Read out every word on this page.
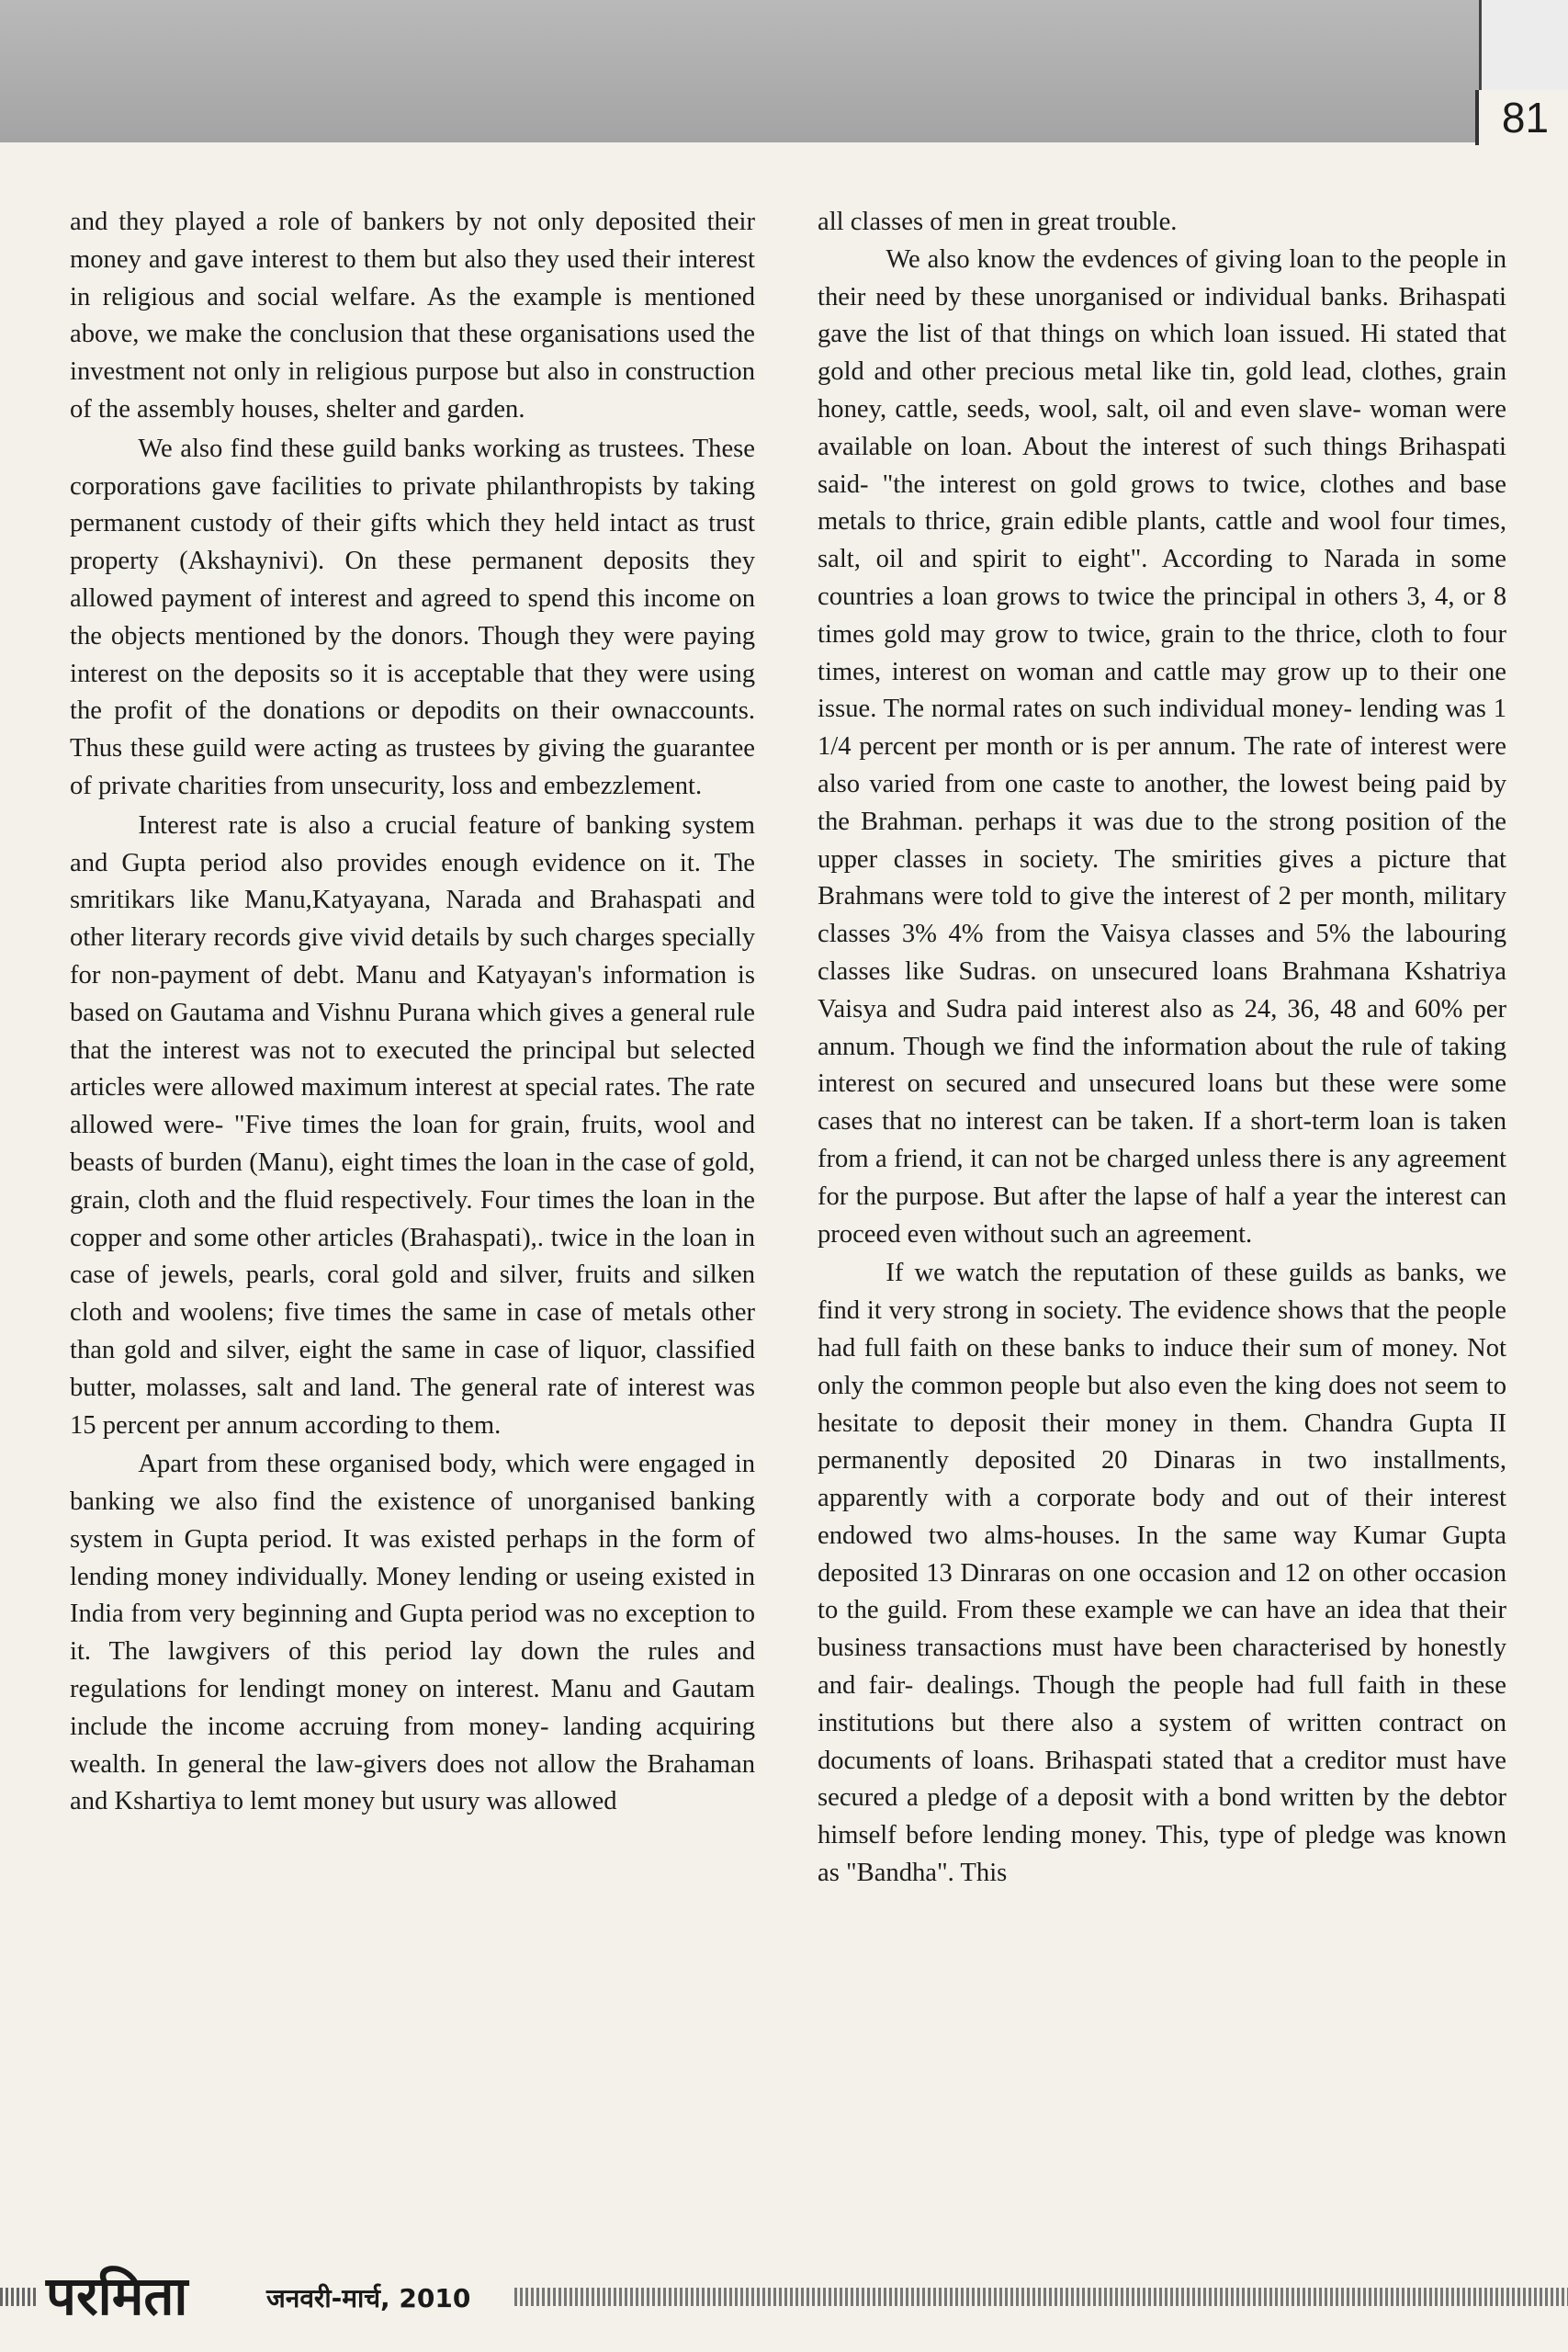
81

and they played a role of bankers by not only deposited their money and gave interest to them but also they used their interest in religious and social welfare. As the example is mentioned above, we make the conclusion that these organisations used the investment not only in religious purpose but also in construction of the assembly houses, shelter and garden.

We also find these guild banks working as trustees. These corporations gave facilities to private philanthropists by taking permanent custody of their gifts which they held intact as trust property (Akshaynivi). On these permanent deposits they allowed payment of interest and agreed to spend this income on the objects mentioned by the donors. Though they were paying interest on the deposits so it is acceptable that they were using the profit of the donations or depodits on their ownaccounts. Thus these guild were acting as trustees by giving the guarantee of private charities from unsecurity, loss and embezzlement.

Interest rate is also a crucial feature of banking system and Gupta period also provides enough evidence on it. The smritikars like Manu,Katyayana, Narada and Brahaspati and other literary records give vivid details by such charges specially for non-payment of debt. Manu and Katyayan's information is based on Gautama and Vishnu Purana which gives a general rule that the interest was not to executed the principal but selected articles were allowed maximum interest at special rates. The rate allowed were- "Five times the loan for grain, fruits, wool and beasts of burden (Manu), eight times the loan in the case of gold, grain, cloth and the fluid respectively. Four times the loan in the copper and some other articles (Brahaspati),. twice in the loan in case of jewels, pearls, coral gold and silver, fruits and silken cloth and woolens; five times the same in case of metals other than gold and silver, eight the same in case of liquor, classified butter, molasses, salt and land. The general rate of interest was 15 percent per annum according to them.

Apart from these organised body, which were engaged in banking we also find the existence of unorganised banking system in Gupta period. It was existed perhaps in the form of lending money individually. Money lending or useing existed in India from very beginning and Gupta period was no exception to it. The lawgivers of this period lay down the rules and regulations for lendingt money on interest. Manu and Gautam include the income accruing from money- landing acquiring wealth. In general the law-givers does not allow the Brahaman and Kshartiya to lemt money but usury was allowed

all classes of men in great trouble.

We also know the evdences of giving loan to the people in their need by these unorganised or individual banks. Brihaspati gave the list of that things on which loan issued. Hi stated that gold and other precious metal like tin, gold lead, clothes, grain honey, cattle, seeds, wool, salt, oil and even slave- woman were available on loan. About the interest of such things Brihaspati said- "the interest on gold grows to twice, clothes and base metals to thrice, grain edible plants, cattle and wool four times, salt, oil and spirit to eight". According to Narada in some countries a loan grows to twice the principal in others 3, 4, or 8 times gold may grow to twice, grain to the thrice, cloth to four times, interest on woman and cattle may grow up to their one issue. The normal rates on such individual money- lending was 1 1/4 percent per month or is per annum. The rate of interest were also varied from one caste to another, the lowest being paid by the Brahman. perhaps it was due to the strong position of the upper classes in society. The smirities gives a picture that Brahmans were told to give the interest of 2 per month, military classes 3% 4% from the Vaisya classes and 5% the labouring classes like Sudras. on unsecured loans Brahmana Kshatriya Vaisya and Sudra paid interest also as 24, 36, 48 and 60% per annum. Though we find the information about the rule of taking interest on secured and unsecured loans but these were some cases that no interest can be taken. If a short-term loan is taken from a friend, it can not be charged unless there is any agreement for the purpose. But after the lapse of half a year the interest can proceed even without such an agreement.

If we watch the reputation of these guilds as banks, we find it very strong in society. The evidence shows that the people had full faith on these banks to induce their sum of money. Not only the common people but also even the king does not seem to hesitate to deposit their money in them. Chandra Gupta II permanently deposited 20 Dinaras in two installments, apparently with a corporate body and out of their interest endowed two alms-houses. In the same way Kumar Gupta deposited 13 Dinraras on one occasion and 12 on other occasion to the guild. From these example we can have an idea that their business transactions must have been characterised by honestly and fair- dealings. Though the people had full faith in these institutions but there also a system of written contract on documents of loans. Brihaspati stated that a creditor must have secured a pledge of a deposit with a bond written by the debtor himself before lending money. This, type of pledge was known as "Bandha". This

परमिता	जनवरी-मार्च, 2010
